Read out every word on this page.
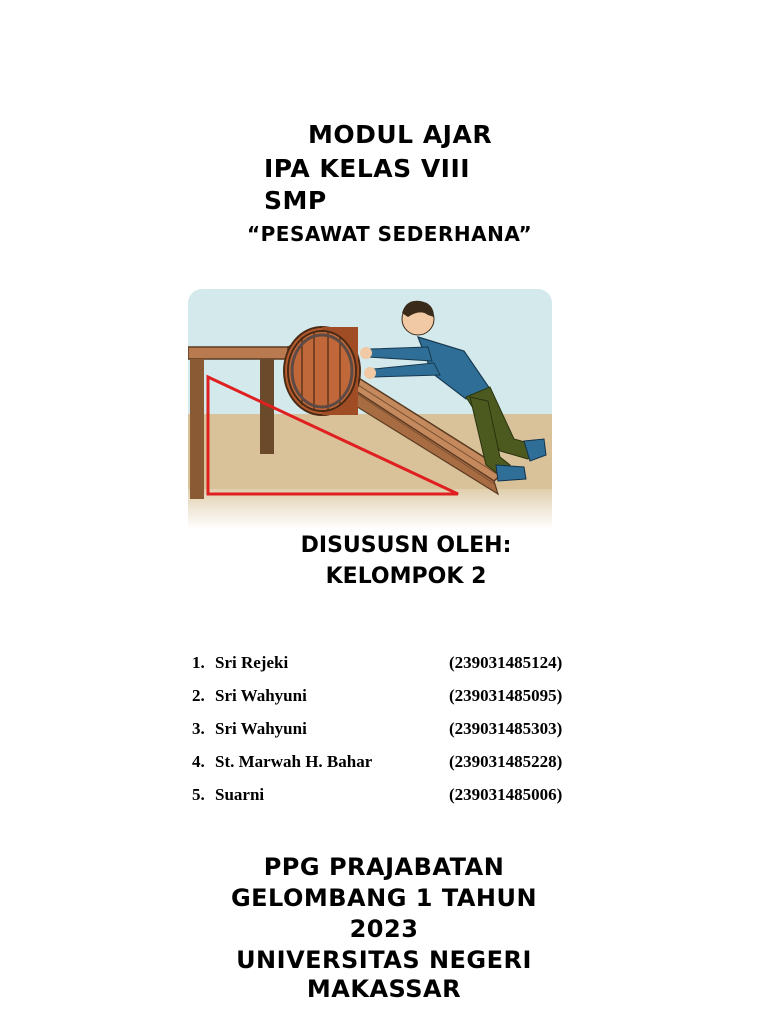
MODUL AJAR
IPA KELAS VIII
SMP
“PESAWAT SEDERHANA”
DISUSUSN OLEH:
KELOMPOK 2
1. Sri Rejeki	(239031485124)
2. Sri Wahyuni	(239031485095)
3. Sri Wahyuni	(239031485303)
4. St. Marwah H. Bahar	(239031485228)
5. Suarni	(239031485006)
PPG PRAJABATAN
GELOMBANG 1 TAHUN
2023
UNIVERSITAS NEGERI
MAKASSAR
